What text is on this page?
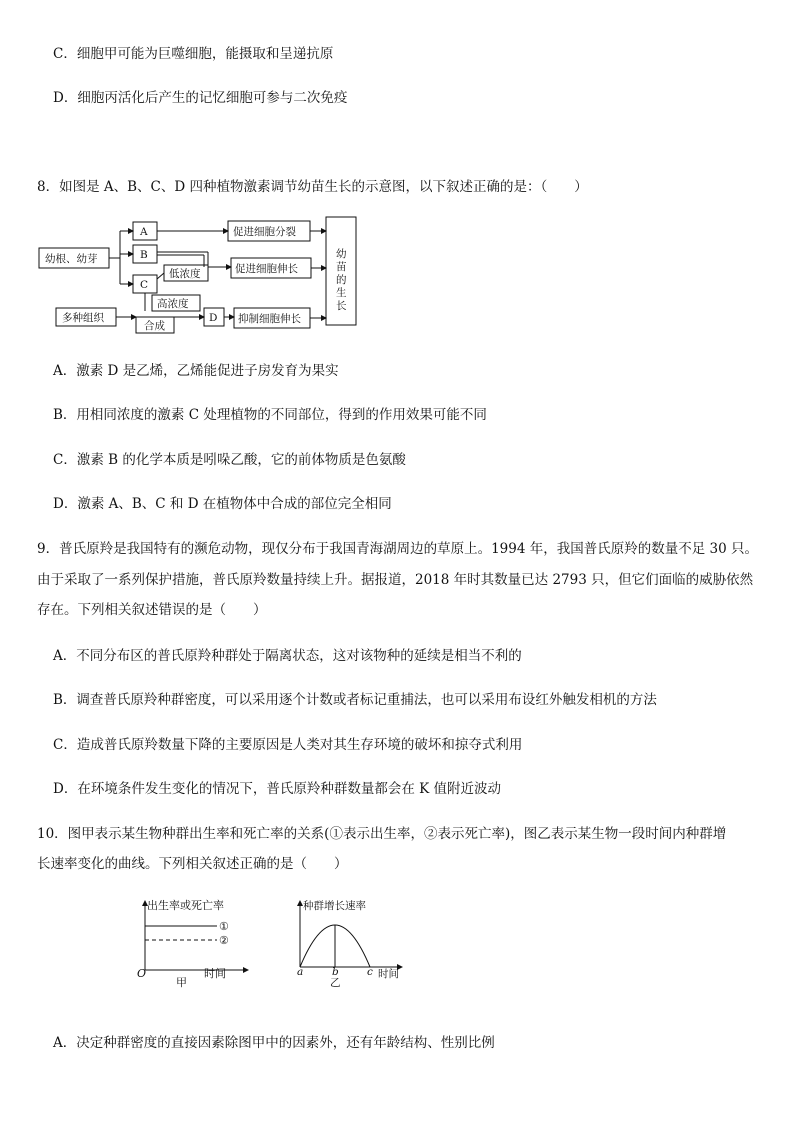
C．细胞甲可能为巨噬细胞，能摄取和呈递抗原
D．细胞丙活化后产生的记忆细胞可参与二次免疫
8．如图是 A、B、C、D 四种植物激素调节幼苗生长的示意图，以下叙述正确的是：（　　）
幼根、幼芽
A
B
C
促进细胞分裂
促进细胞伸长
低浓度
高浓度
多种组织
合成
D 抑制细胞伸长
幼
苗
的
生
长
A．激素 D 是乙烯，乙烯能促进子房发育为果实
B．用相同浓度的激素 C 处理植物的不同部位，得到的作用效果可能不同
C．激素 B 的化学本质是吲哚乙酸，它的前体物质是色氨酸
D．激素 A、B、C 和 D 在植物体中合成的部位完全相同
9．普氏原羚是我国特有的濒危动物，现仅分布于我国青海湖周边的草原上。1994 年，我国普氏原羚的数量不足 30 只。
由于采取了一系列保护措施，普氏原羚数量持续上升。据报道，2018 年时其数量已达 2793 只，但它们面临的威胁依然
存在。下列相关叙述错误的是（　　）
A．不同分布区的普氏原羚种群处于隔离状态，这对该物种的延续是相当不利的
B．调查普氏原羚种群密度，可以采用逐个计数或者标记重捕法，也可以采用布设红外触发相机的方法
C．造成普氏原羚数量下降的主要原因是人类对其生存环境的破坏和掠夺式利用
D．在环境条件发生变化的情况下，普氏原羚种群数量都会在 K 值附近波动
10．图甲表示某生物种群出生率和死亡率的关系(①表示出生率，②表示死亡率)，图乙表示某生物一段时间内种群增
长速率变化的曲线。下列相关叙述正确的是（　　）
出生率或死亡率
①
②
O	时间
甲
种群增长速率
a	b	c 时间
乙
A．决定种群密度的直接因素除图甲中的因素外，还有年龄结构、性别比例
